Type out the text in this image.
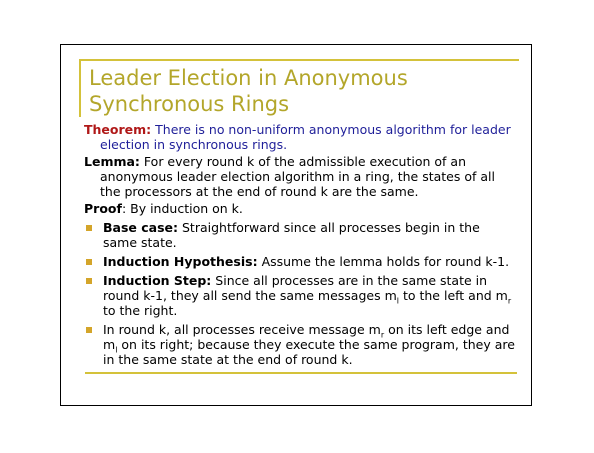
Leader Election in Anonymous
Synchronous Rings

Theorem: There is no non-uniform anonymous algorithm for leader election in synchronous rings.

Lemma: For every round k of the admissible execution of an anonymous leader election algorithm in a ring, the states of all the processors at the end of round k are the same.

Proof: By induction on k.

Base case: Straightforward since all processes begin in the same state.
Induction Hypothesis: Assume the lemma holds for round k-1.
Induction Step: Since all processes are in the same state in round k-1, they all send the same messages $m_l$ to the left and $m_r$ to the right.
In round k, all processes receive message $m_r$ on its left edge and $m_l$ on its right; because they execute the same program, they are in the same state at the end of round k.
